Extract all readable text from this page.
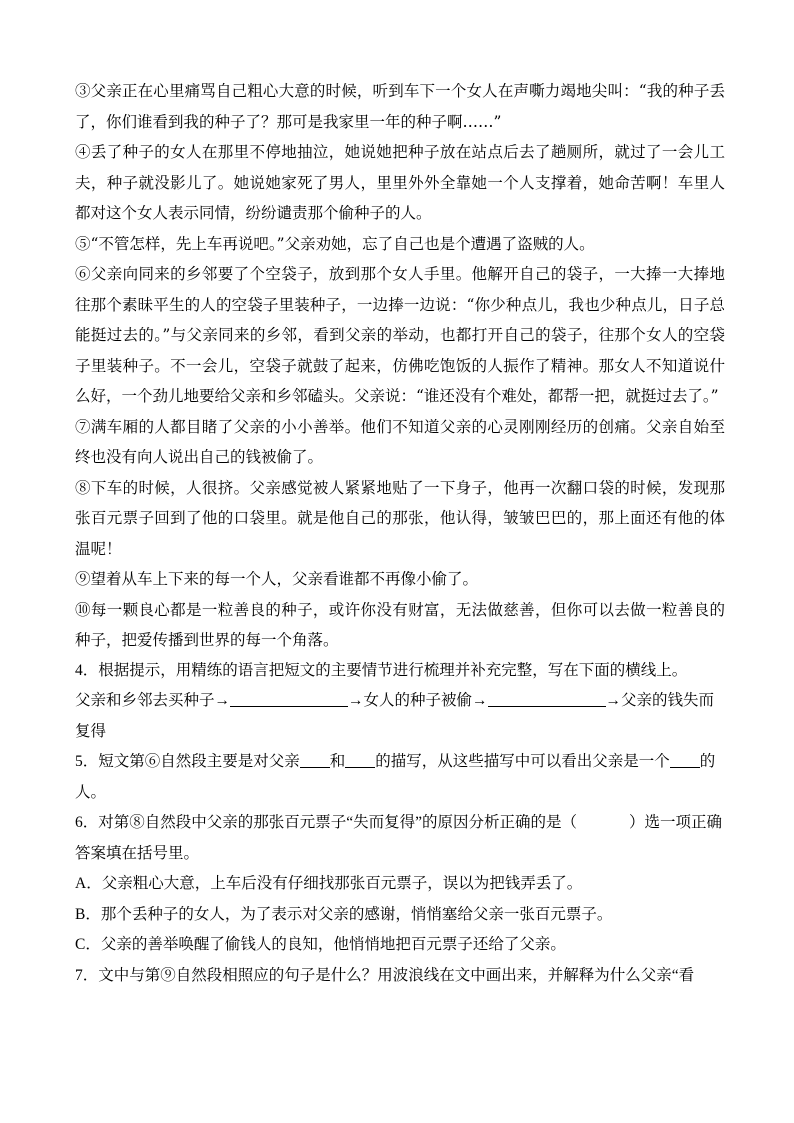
③父亲正在心里痛骂自己粗心大意的时候，听到车下一个女人在声嘶力竭地尖叫：“我的种子丢了，你们谁看到我的种子了？那可是我家里一年的种子啊……”

④丢了种子的女人在那里不停地抽泣，她说她把种子放在站点后去了趟厕所，就过了一会儿工夫，种子就没影儿了。她说她家死了男人，里里外外全靠她一个人支撑着，她命苦啊！车里人都对这个女人表示同情，纷纷谴责那个偷种子的人。

⑤“不管怎样，先上车再说吧。”父亲劝她，忘了自己也是个遭遇了盗贼的人。

⑥父亲向同来的乡邻要了个空袋子，放到那个女人手里。他解开自己的袋子，一大捧一大捧地往那个素昧平生的人的空袋子里装种子，一边捧一边说：“你少种点儿，我也少种点儿，日子总能挺过去的。”与父亲同来的乡邻，看到父亲的举动，也都打开自己的袋子，往那个女人的空袋子里装种子。不一会儿，空袋子就鼓了起来，仿佛吃饱饭的人振作了精神。那女人不知道说什么好，一个劲儿地要给父亲和乡邻磕头。父亲说：“谁还没有个难处，都帮一把，就挺过去了。”

⑦满车厢的人都目睹了父亲的小小善举。他们不知道父亲的心灵刚刚经历的创痛。父亲自始至终也没有向人说出自己的钱被偷了。

⑧下车的时候，人很挤。父亲感觉被人紧紧地贴了一下身子，他再一次翻口袋的时候，发现那张百元票子回到了他的口袋里。就是他自己的那张，他认得，皱皱巴巴的，那上面还有他的体温呢！

⑨望着从车上下来的每一个人，父亲看谁都不再像小偷了。

⑩每一颗良心都是一粒善良的种子，或许你没有财富，无法做慈善，但你可以去做一粒善良的种子，把爱传播到世界的每一个角落。

4．根据提示，用精练的语言把短文的主要情节进行梳理并补充完整，写在下面的横线上。

父亲和乡邻去买种子→	→女人的种子被偷→	→父亲的钱失而复得

5．短文第⑥自然段主要是对父亲 和 的描写，从这些描写中可以看出父亲是一个 的人。

6．对第⑧自然段中父亲的那张百元票子“失而复得”的原因分析正确的是（	）选一项正确答案填在括号里。

A．父亲粗心大意，上车后没有仔细找那张百元票子，误以为把钱弄丢了。

B．那个丢种子的女人，为了表示对父亲的感谢，悄悄塞给父亲一张百元票子。

C．父亲的善举唤醒了偷钱人的良知，他悄悄地把百元票子还给了父亲。

7．文中与第⑨自然段相照应的句子是什么？用波浪线在文中画出来，并解释为什么父亲“看
